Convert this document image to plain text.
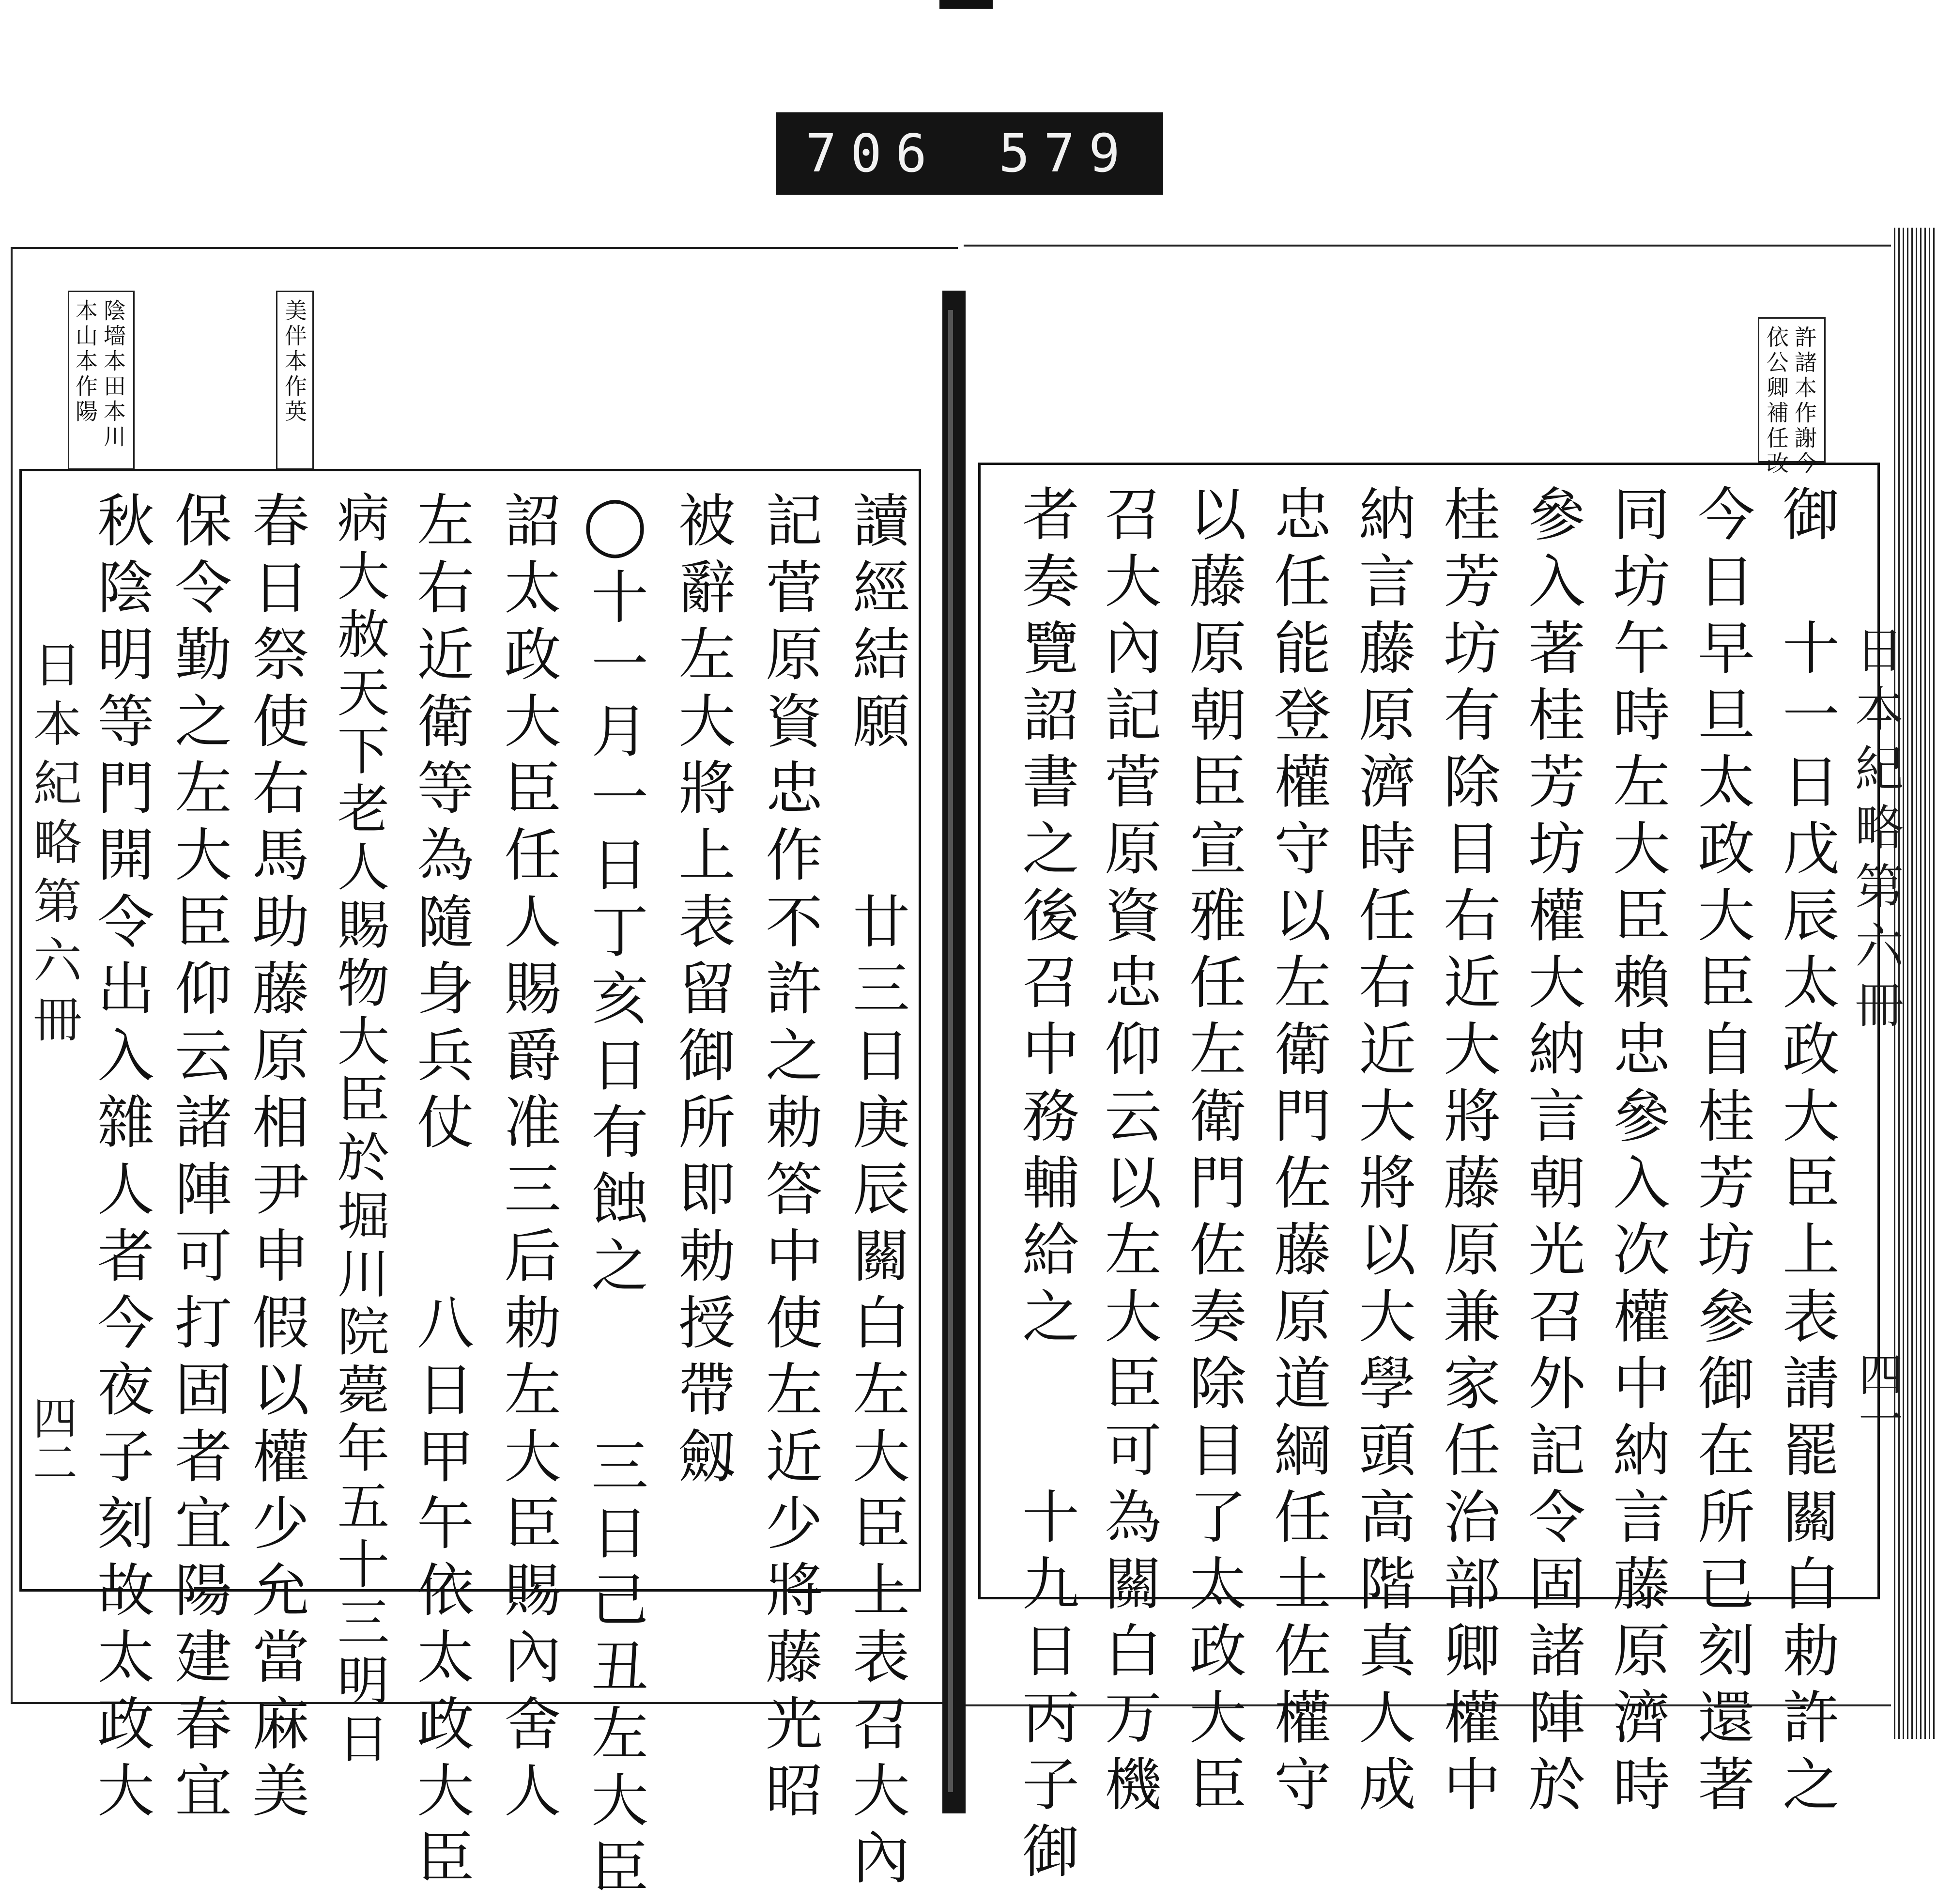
706 579
日本紀略第六冊
四二
陰墻本田本川
本山本作陽	美伴本作英
讀經結願　　廿三日庚辰關白左大臣上表召大內
記菅原資忠作不許之勅答中使左近少將藤光昭
被辭左大將上表留御所即勅授帶劔
◯十一月一日丁亥日有蝕之　　三日己丑左大臣
詔太政大臣任人賜爵准三后勅左大臣賜內舍人
左右近衛等為隨身兵仗　　八日甲午依太政大臣
病大赦天下老人賜物大臣於堀川院薨年五十三明日
春日祭使右馬助藤原相尹申假以權少允當麻美
保令勤之左大臣仰云諸陣可打固者宜陽建春宜
秋陰明等門開令出入雜人者今夜子刻故太政大	日本紀略第六冊
四一
許諸本作謝今
依公卿補任改
御　十一日戊辰太政大臣上表請罷關白勅許之
今日早旦太政大臣自桂芳坊參御在所已刻還著
同坊午時左大臣賴忠參入次權中納言藤原濟時
參入著桂芳坊權大納言朝光召外記令固諸陣於
桂芳坊有除目右近大將藤原兼家任治部卿權中
納言藤原濟時任右近大將以大學頭高階真人成
忠任能登權守以左衛門佐藤原道綱任土佐權守
以藤原朝臣宣雅任左衛門佐奏除目了太政大臣
召大內記菅原資忠仰云以左大臣可為關白万機
者奏覽詔書之後召中務輔給之　　十九日丙子御
